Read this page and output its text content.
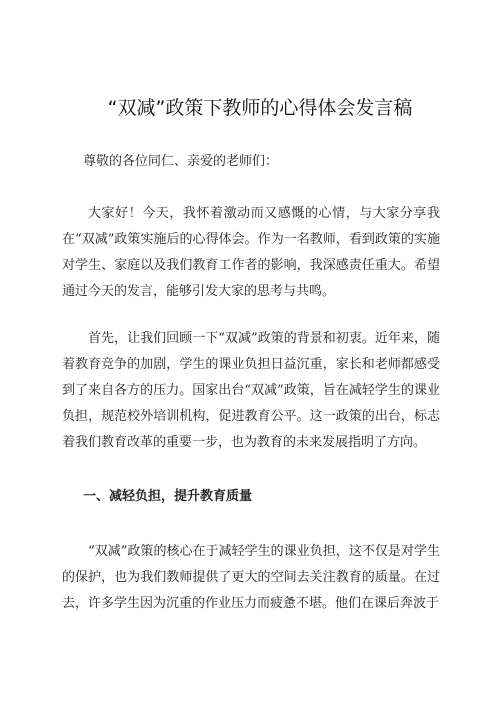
“双减”政策下教师的心得体会发言稿

尊敬的各位同仁、亲爱的老师们：

大家好！今天，我怀着激动而又感慨的心情，与大家分享我在“双减”政策实施后的心得体会。作为一名教师，看到政策的实施对学生、家庭以及我们教育工作者的影响，我深感责任重大。希望通过今天的发言，能够引发大家的思考与共鸣。

首先，让我们回顾一下“双减”政策的背景和初衷。近年来，随着教育竞争的加剧，学生的课业负担日益沉重，家长和老师都感受到了来自各方的压力。国家出台“双减”政策，旨在减轻学生的课业负担，规范校外培训机构，促进教育公平。这一政策的出台，标志着我们教育改革的重要一步，也为教育的未来发展指明了方向。

一、减轻负担，提升教育质量

“双减”政策的核心在于减轻学生的课业负担，这不仅是对学生的保护，也为我们教师提供了更大的空间去关注教育的质量。在过去，许多学生因为沉重的作业压力而疲惫不堪。他们在课后奔波于
